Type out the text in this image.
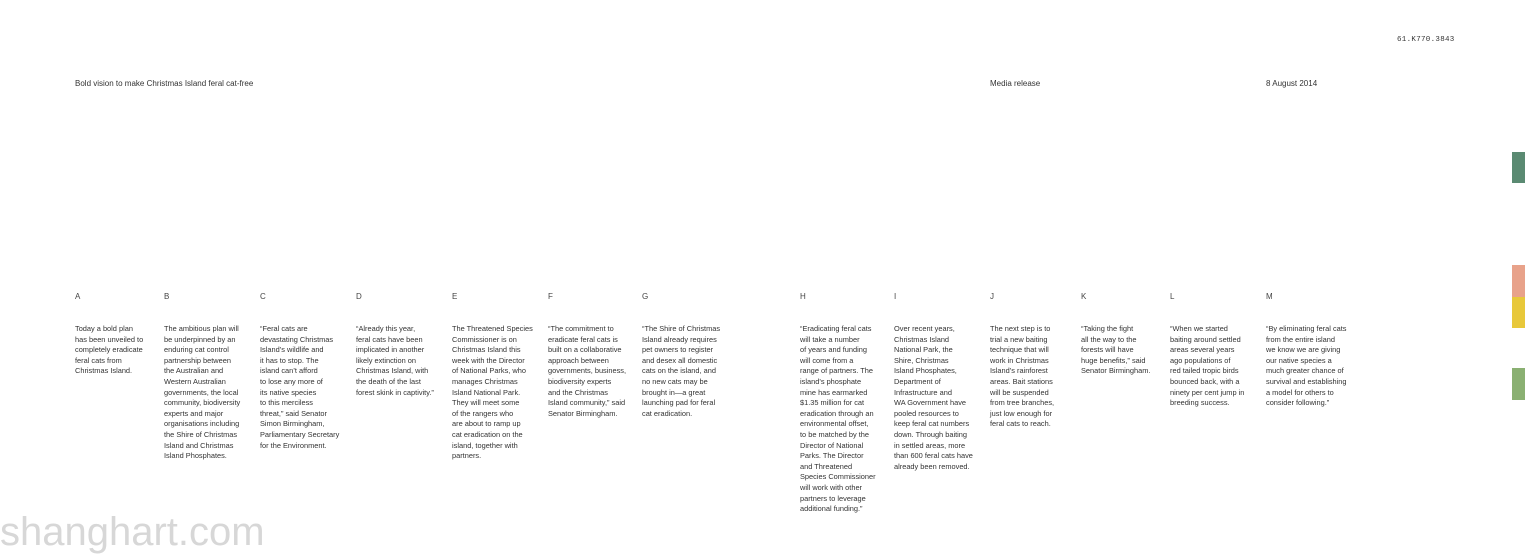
61.K770.3843
Bold vision to make Christmas Island feral cat-free	Media release	8 August 2014
A
Today a bold plan
has been unveiled to
completely eradicate
feral cats from
Christmas Island.
B
The ambitious plan will
be underpinned by an
enduring cat control
partnership between
the Australian and
Western Australian
governments, the local
community, biodiversity
experts and major
organisations including
the Shire of Christmas
Island and Christmas
Island Phosphates.
C
“Feral cats are
devastating Christmas
Island’s wildlife and
it has to stop. The
island can’t afford
to lose any more of
its native species
to this merciless
threat,” said Senator
Simon Birmingham,
Parliamentary Secretary
for the Environment.
D
“Already this year,
feral cats have been
implicated in another
likely extinction on
Christmas Island, with
the death of the last
forest skink in captivity.”
E
The Threatened Species
Commissioner is on
Christmas Island this
week with the Director
of National Parks, who
manages Christmas
Island National Park.
They will meet some
of the rangers who
are about to ramp up
cat eradication on the
island, together with
partners.
F
“The commitment to
eradicate feral cats is
built on a collaborative
approach between
governments, business,
biodiversity experts
and the Christmas
Island community,” said
Senator Birmingham.
G
“The Shire of Christmas
Island already requires
pet owners to register
and desex all domestic
cats on the island, and
no new cats may be
brought in—a great
launching pad for feral
cat eradication.
H
“Eradicating feral cats
will take a number
of years and funding
will come from a
range of partners. The
island’s phosphate
mine has earmarked
$1.35 million for cat
eradication through an
environmental offset,
to be matched by the
Director of National
Parks. The Director
and Threatened
Species Commissioner
will work with other
partners to leverage
additional funding.”
I
Over recent years,
Christmas Island
National Park, the
Shire, Christmas
Island Phosphates,
Department of
Infrastructure and
WA Government have
pooled resources to
keep feral cat numbers
down. Through baiting
in settled areas, more
than 600 feral cats have
already been removed.
J
The next step is to
trial a new baiting
technique that will
work in Christmas
Island’s rainforest
areas. Bait stations
will be suspended
from tree branches,
just low enough for
feral cats to reach.
K
“Taking the fight
all the way to the
forests will have
huge benefits,” said
Senator Birmingham.
L
“When we started
baiting around settled
areas several years
ago populations of
red tailed tropic birds
bounced back, with a
ninety per cent jump in
breeding success.
M
“By eliminating feral cats
from the entire island
we know we are giving
our native species a
much greater chance of
survival and establishing
a model for others to
consider following.”
shanghart.com
